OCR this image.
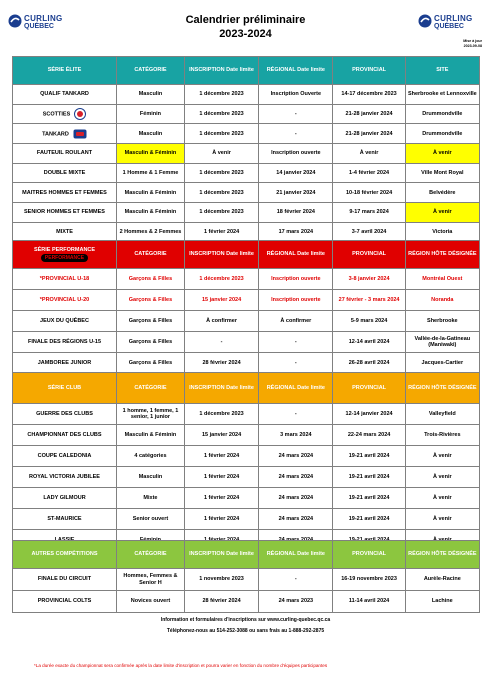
CURLING
QUÉBEC
CURLING
QUÉBEC
Calendrier préliminaire
2023-2024
Mise à jour
2023-09-08
SÉRIE ÉLITE	CATÉGORIE	INSCRIPTION Date limite	RÉGIONAL Date limite	PROVINCIAL	SITE
QUALIF TANKARD	Masculin	1 décembre 2023	Inscription Ouverte	14-17 décembre 2023	Sherbrooke et Lennoxville
SCOTTIES	Féminin	1 décembre 2023	-	21-28 janvier 2024	Drummondville
TANKARD	Masculin	1 décembre 2023	-	21-28 janvier 2024	Drummondville
FAUTEUIL ROULANT	Masculin & Féminin	À venir	Inscription ouverte	À venir	À venir
DOUBLE MIXTE	1 Homme & 1 Femme	1 décembre 2023	14 janvier 2024	1-4 février 2024	Ville Mont Royal
MAITRES HOMMES ET FEMMES	Masculin & Féminin	1 décembre 2023	21 janvier 2024	10-18 février 2024	Belvédère
SENIOR HOMMES ET FEMMES	Masculin & Féminin	1 décembre 2023	18 février 2024	9-17 mars 2024	À venir
MIXTE	2 Hommes & 2 Femmes	1 février 2024	17 mars 2024	3-7 avril 2024	Victoria
SÉRIE PERFORMANCE
PERFORMANCE	CATÉGORIE	INSCRIPTION Date limite	RÉGIONAL Date limite	PROVINCIAL	RÉGION HÔTE DÉSIGNÉE
*PROVINCIAL U-18	Garçons & Filles	1 décembre 2023	Inscription ouverte	3-8 janvier 2024	Montréal Ouest
*PROVINCIAL U-20	Garçons & Filles	15 janvier 2024	Inscription ouverte	27 février - 3 mars 2024	Noranda
JEUX DU QUÉBEC	Garçons & Filles	À confirmer	À confirmer	5-9 mars 2024	Sherbrooke
FINALE DES RÉGIONS U-15	Garçons & Filles	-	-	12-14 avril 2024	Vallée-de-la-Gatineau (Maniwaki)
JAMBOREE JUNIOR	Garçons & Filles	28 février 2024	-	26-28 avril 2024	Jacques-Cartier
SÉRIE CLUB	CATÉGORIE	INSCRIPTION Date limite	RÉGIONAL Date limite	PROVINCIAL	RÉGION HÔTE DÉSIGNÉE
GUERRE DES CLUBS	1 homme, 1 femme, 1 senior, 1 junior	1 décembre 2023	-	12-14 janvier 2024	Valleyfield
CHAMPIONNAT DES CLUBS	Masculin & Féminin	15 janvier 2024	3 mars 2024	22-24 mars 2024	Trois-Rivières
COUPE CALEDONIA	4 catégories	1 février 2024	24 mars 2024	19-21 avril 2024	À venir
ROYAL VICTORIA JUBILEE	Masculin	1 février 2024	24 mars 2024	19-21 avril 2024	À venir
LADY GILMOUR	Mixte	1 février 2024	24 mars 2024	19-21 avril 2024	À venir
ST-MAURICE	Senior ouvert	1 février 2024	24 mars 2024	19-21 avril 2024	À venir
LASSIE	Féminin	1 février 2024	24 mars 2024	19-21 avril 2024	À venir
AUTRES COMPÉTITIONS	CATÉGORIE	INSCRIPTION Date limite	RÉGIONAL Date limite	PROVINCIAL	RÉGION HÔTE DÉSIGNÉE
FINALE DU CIRCUIT	Hommes, Femmes & Senior H	1 novembre 2023	-	16-19 novembre 2023	Aurèle-Racine
PROVINCIAL COLTS	Novices ouvert	28 février 2024	24 mars 2023	11-14 avril 2024	Lachine
Information et formulaires d'inscriptions sur www.curling-quebec.qc.ca
Téléphonez-nous au 514-252-3088 ou sans frais au 1-888-292-2875
*La durée exacte du championnat sera confirmée après la date limite d'inscription et pourra varier en fonction du nombre d'équipes participantes
